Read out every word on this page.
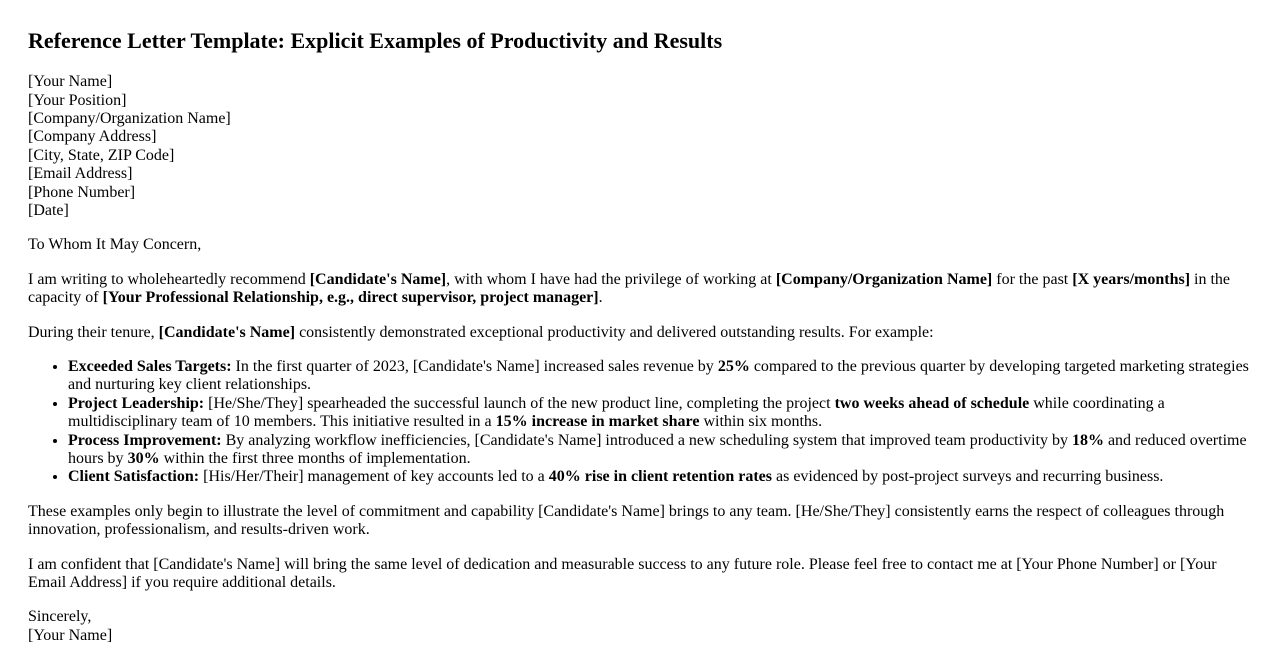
Reference Letter Template: Explicit Examples of Productivity and Results

[Your Name]
[Your Position]
[Company/Organization Name]
[Company Address]
[City, State, ZIP Code]
[Email Address]
[Phone Number]
[Date]

To Whom It May Concern,

I am writing to wholeheartedly recommend [Candidate's Name], with whom I have had the privilege of working at [Company/Organization Name] for the past [X years/months] in the capacity of [Your Professional Relationship, e.g., direct supervisor, project manager].

During their tenure, [Candidate's Name] consistently demonstrated exceptional productivity and delivered outstanding results. For example:

• Exceeded Sales Targets: In the first quarter of 2023, [Candidate's Name] increased sales revenue by 25% compared to the previous quarter by developing targeted marketing strategies and nurturing key client relationships.
• Project Leadership: [He/She/They] spearheaded the successful launch of the new product line, completing the project two weeks ahead of schedule while coordinating a multidisciplinary team of 10 members. This initiative resulted in a 15% increase in market share within six months.
• Process Improvement: By analyzing workflow inefficiencies, [Candidate's Name] introduced a new scheduling system that improved team productivity by 18% and reduced overtime hours by 30% within the first three months of implementation.
• Client Satisfaction: [His/Her/Their] management of key accounts led to a 40% rise in client retention rates as evidenced by post-project surveys and recurring business.

These examples only begin to illustrate the level of commitment and capability [Candidate's Name] brings to any team. [He/She/They] consistently earns the respect of colleagues through innovation, professionalism, and results-driven work.

I am confident that [Candidate's Name] will bring the same level of dedication and measurable success to any future role. Please feel free to contact me at [Your Phone Number] or [Your Email Address] if you require additional details.

Sincerely,
[Your Name]
